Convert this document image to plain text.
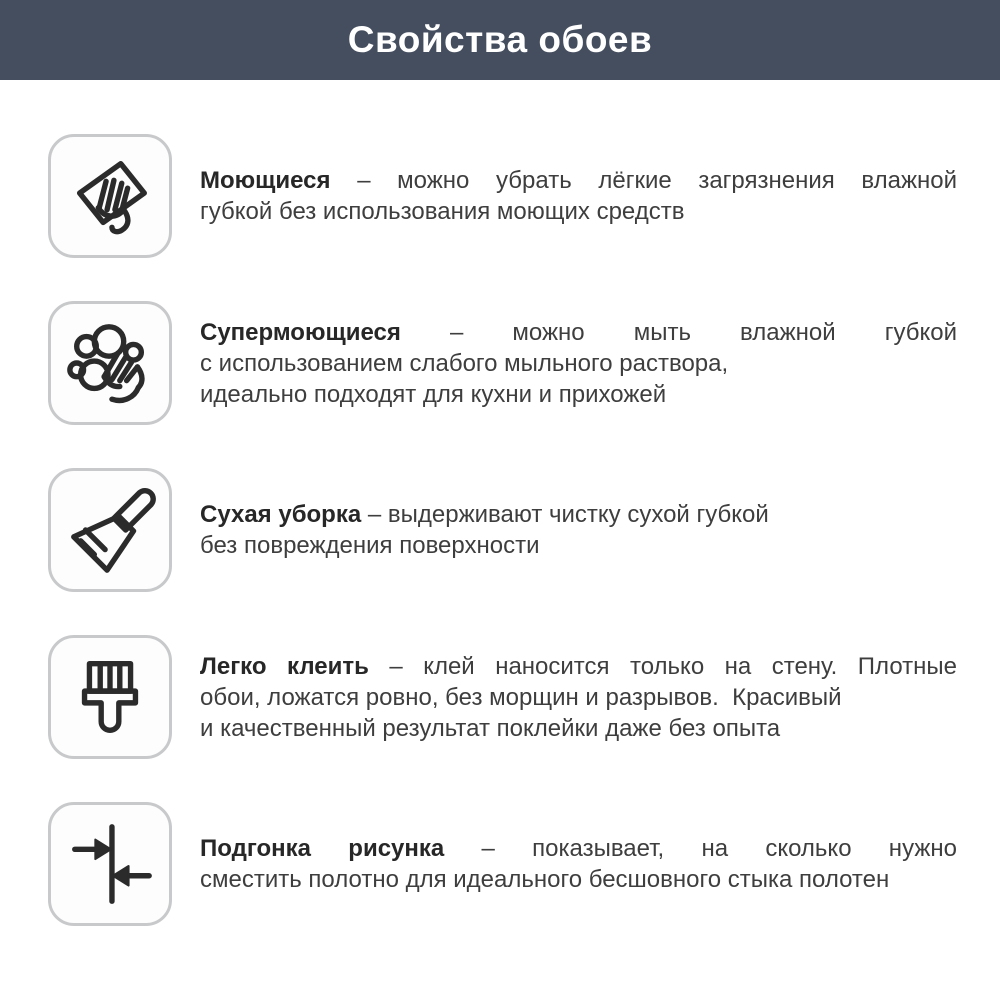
Свойства обоев
Моющиеся – можно убрать лёгкие загрязнения влажной
губкой без использования моющих средств
Супермоющиеся – можно мыть влажной губкой
с использованием слабого мыльного раствора,
идеально подходят для кухни и прихожей
Сухая уборка – выдерживают чистку сухой губкой
без повреждения поверхности
Легко клеить – клей наносится только на стену. Плотные
обои, ложатся ровно, без морщин и разрывов.  Красивый
и качественный результат поклейки даже без опыта
Подгонка рисунка – показывает, на сколько нужно
сместить полотно для идеального бесшовного стыка полотен
